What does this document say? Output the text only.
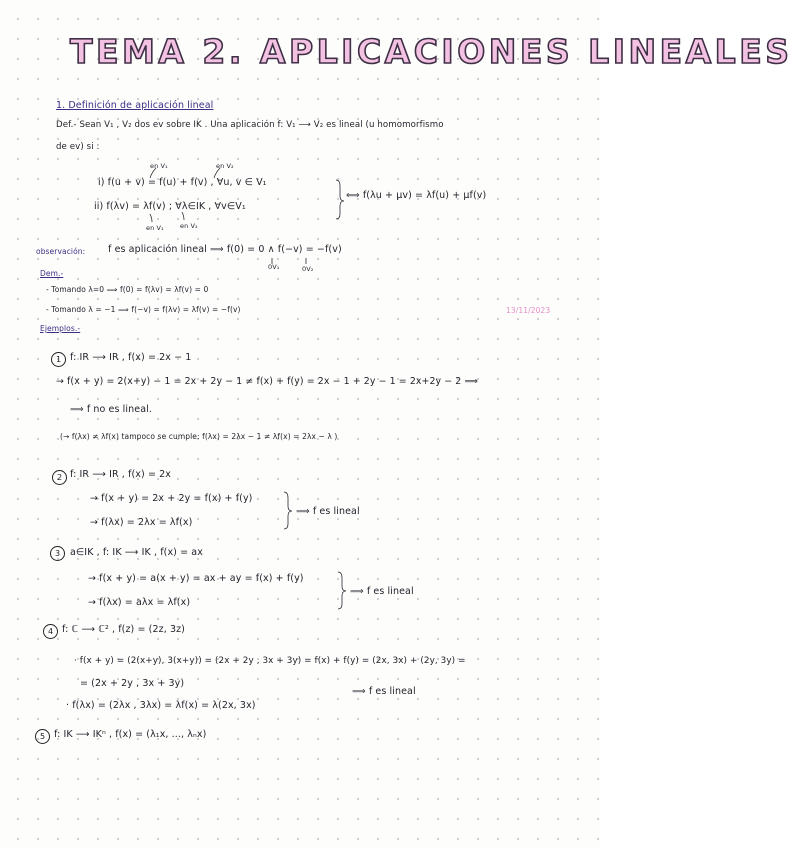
TEMA 2. APLICACIONES LINEALES
1. Definición de aplicación lineal
Def.- Sean V₁ , V₂ dos ev sobre IK . Una aplicación f: V₁ ⟶ V₂ es lineal (u homomorfismo
de ev) si :
en V₁	en V₂
i) f(u + v) = f(u) + f(v) , ∀u, v ∈ V₁
ii) f(λv) = λf(v) ; ∀λ∈IK , ∀v∈V₁
en V₁	en V₂
⟺ f(λu + μv) = λf(u) + μf(v)
observación: f es aplicación lineal ⟹ f(0) = 0 ∧ f(−v) = −f(v)
0V₁	0V₂
Dem.-
- Tomando λ=0 ⟹ f(0) = f(λv) = λf(v) = 0
- Tomando λ = −1 ⟹ f(−v) = f(λv) = λf(v) = −f(v)	13/11/2023
Ejemplos.-
1 f: IR ⟶ IR , f(x) = 2x − 1
→ f(x + y) = 2(x+y) − 1 = 2x + 2y − 1 ≠ f(x) + f(y) = 2x − 1 + 2y − 1 = 2x+2y − 2 ⟹
⟹ f no es lineal.
(→ f(λx) ≠ λf(x) tampoco se cumple: f(λx) = 2λx − 1 ≠ λf(x) = 2λx − λ )
2 f: IR ⟶ IR , f(x) = 2x
→ f(x + y) = 2x + 2y = f(x) + f(y)
→ f(λx) = 2λx = λf(x)
⟹ f es lineal
3	a∈IK , f: IK ⟶ IK , f(x) = ax
→ f(x + y) = a(x + y) = ax + ay = f(x) + f(y)
→ f(λx) = aλx = λf(x)
⟹ f es lineal
4 f: ℂ ⟶ ℂ² , f(z) = (2z, 3z)
· f(x + y) = (2(x+y), 3(x+y)) = (2x + 2y , 3x + 3y) = f(x) + f(y) = (2x, 3x) + (2y, 3y) =
= (2x + 2y , 3x + 3y)
· f(λx) = (2λx , 3λx) = λf(x) = λ(2x, 3x)
⟹ f es lineal
5 f: IK ⟶ IKⁿ , f(x) = (λ₁x, ..., λₙx)
